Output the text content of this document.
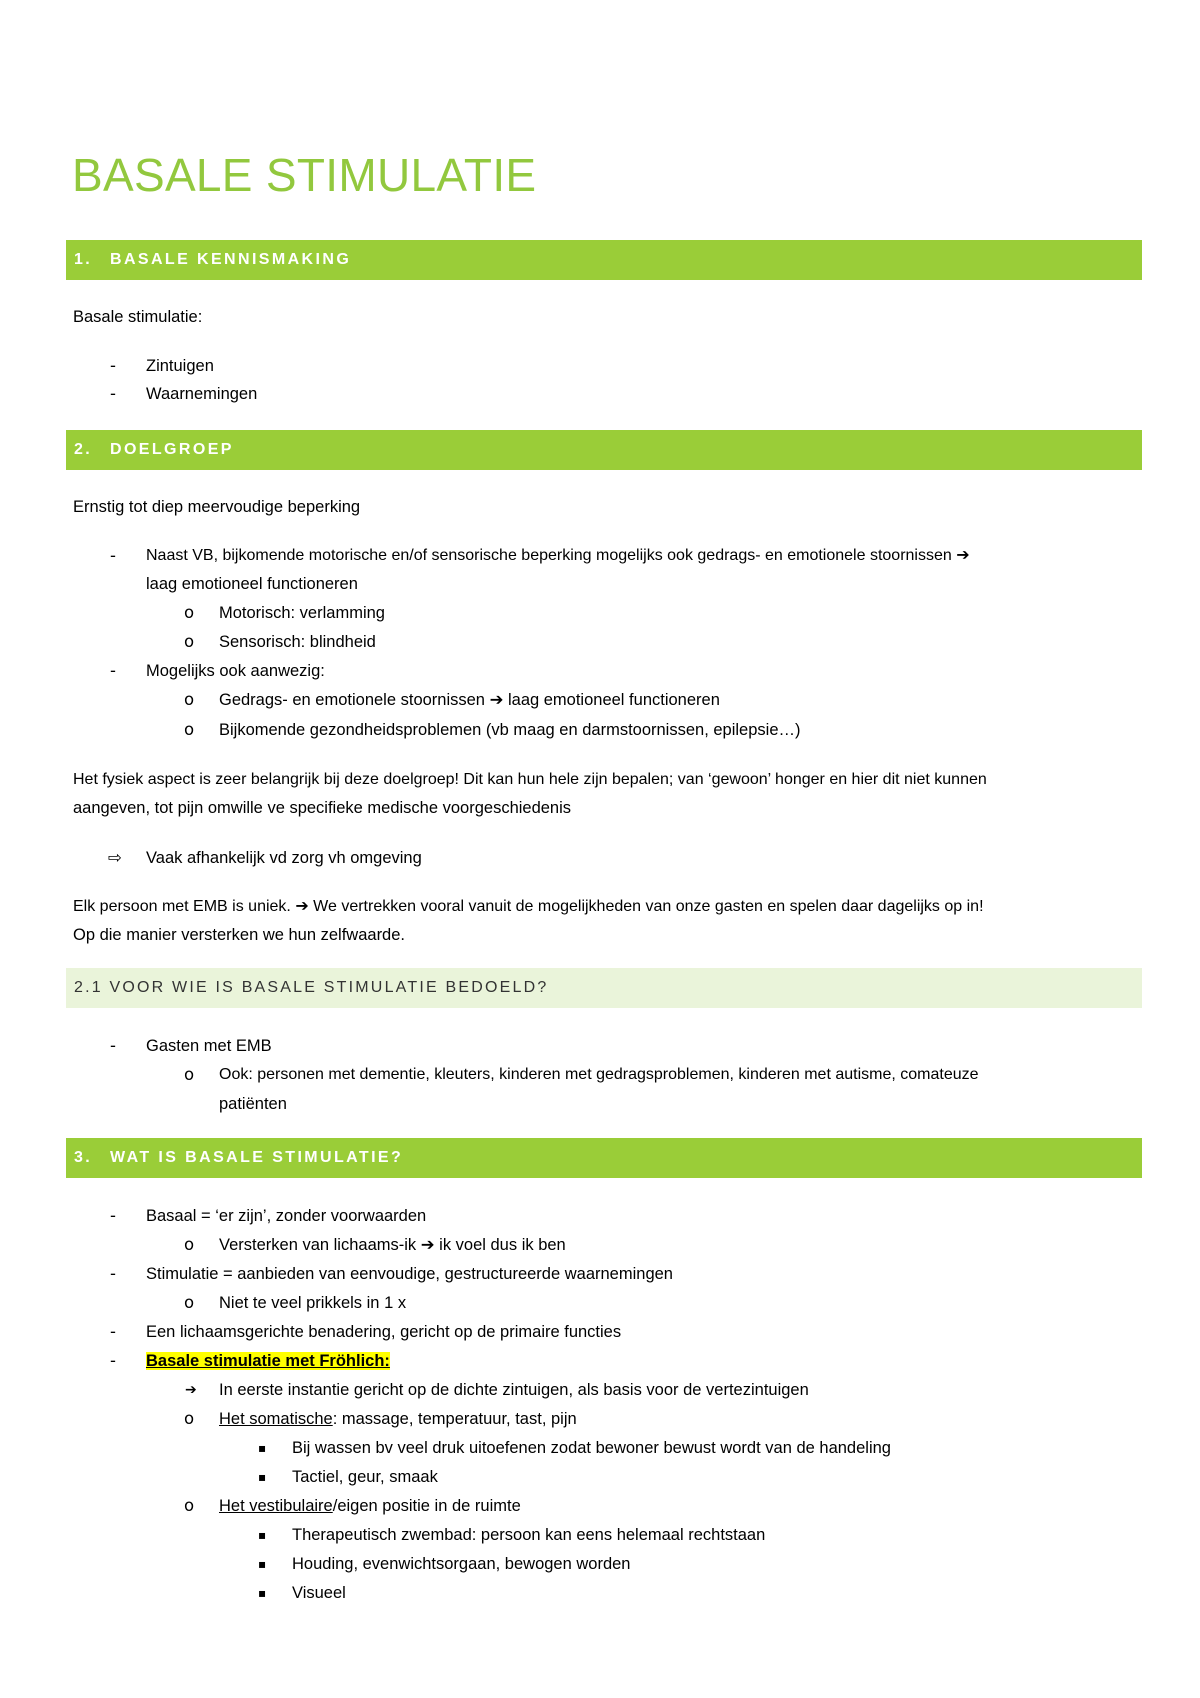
BASALE STIMULATIE
1.	BASALE KENNISMAKING
Basale stimulatie:
- Zintuigen
- Waarnemingen
2.	DOELGROEP
Ernstig tot diep meervoudige beperking
- Naast VB, bijkomende motorische en/of sensorische beperking mogelijks ook gedrags- en emotionele stoornissen ➔
laag emotioneel functioneren
o Motorisch: verlamming
o Sensorisch: blindheid
- Mogelijks ook aanwezig:
o Gedrags- en emotionele stoornissen ➔ laag emotioneel functioneren
o Bijkomende gezondheidsproblemen (vb maag en darmstoornissen, epilepsie…)
Het fysiek aspect is zeer belangrijk bij deze doelgroep! Dit kan hun hele zijn bepalen; van ‘gewoon’ honger en hier dit niet kunnen
aangeven, tot pijn omwille ve specifieke medische voorgeschiedenis
⇨ Vaak afhankelijk vd zorg vh omgeving
Elk persoon met EMB is uniek. ➔ We vertrekken vooral vanuit de mogelijkheden van onze gasten en spelen daar dagelijks op in!
Op die manier versterken we hun zelfwaarde.
2.1
VOOR WIE IS BASALE STIMULATIE BEDOELD?
- Gasten met EMB
o Ook: personen met dementie, kleuters, kinderen met gedragsproblemen, kinderen met autisme, comateuze
patiënten
3.	WAT IS BASALE STIMULATIE?
- Basaal = ‘er zijn’, zonder voorwaarden
o Versterken van lichaams-ik ➔ ik voel dus ik ben
- Stimulatie = aanbieden van eenvoudige, gestructureerde waarnemingen
o Niet te veel prikkels in 1 x
- Een lichaamsgerichte benadering, gericht op de primaire functies
- Basale stimulatie met Fröhlich:
➔ In eerste instantie gericht op de dichte zintuigen, als basis voor de vertezintuigen
o Het somatische: massage, temperatuur, tast, pijn
▪ Bij wassen bv veel druk uitoefenen zodat bewoner bewust wordt van de handeling
▪ Tactiel, geur, smaak
o Het vestibulaire/eigen positie in de ruimte
▪ Therapeutisch zwembad: persoon kan eens helemaal rechtstaan
▪ Houding, evenwichtsorgaan, bewogen worden
▪ Visueel
